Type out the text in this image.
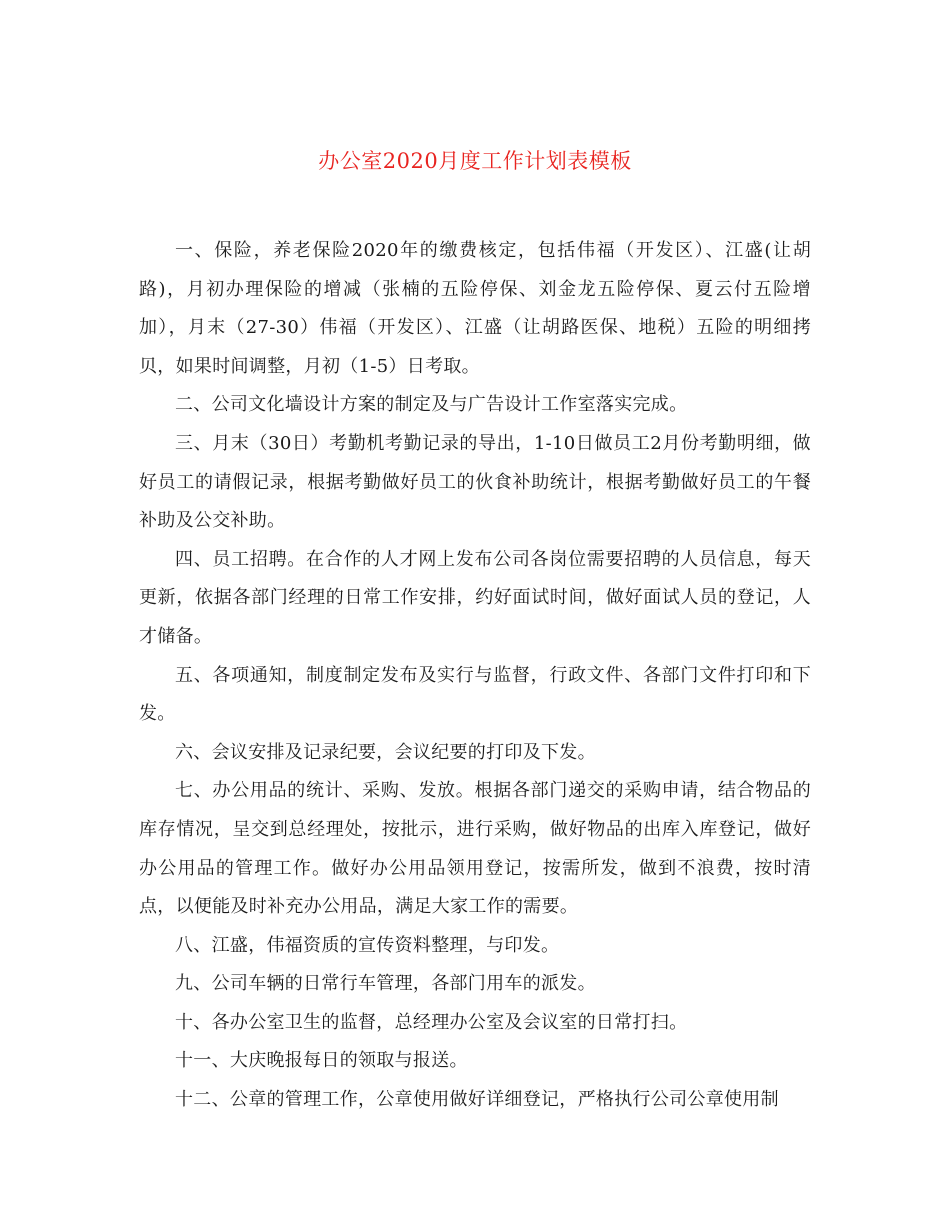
办公室2020月度工作计划表模板

一、保险，养老保险2020年的缴费核定，包括伟福（开发区）、江盛(让胡路)，月初办理保险的增减（张楠的五险停保、刘金龙五险停保、夏云付五险增加），月末（27-30）伟福（开发区）、江盛（让胡路医保、地税）五险的明细拷贝，如果时间调整，月初（1-5）日考取。

二、公司文化墙设计方案的制定及与广告设计工作室落实完成。

三、月末（30日）考勤机考勤记录的导出，1-10日做员工2月份考勤明细，做好员工的请假记录，根据考勤做好员工的伙食补助统计，根据考勤做好员工的午餐补助及公交补助。

四、员工招聘。在合作的人才网上发布公司各岗位需要招聘的人员信息，每天更新，依据各部门经理的日常工作安排，约好面试时间，做好面试人员的登记，人才储备。

五、各项通知，制度制定发布及实行与监督，行政文件、各部门文件打印和下发。

六、会议安排及记录纪要，会议纪要的打印及下发。

七、办公用品的统计、采购、发放。根据各部门递交的采购申请，结合物品的库存情况，呈交到总经理处，按批示，进行采购，做好物品的出库入库登记，做好办公用品的管理工作。做好办公用品领用登记，按需所发，做到不浪费，按时清点，以便能及时补充办公用品，满足大家工作的需要。

八、江盛，伟福资质的宣传资料整理，与印发。

九、公司车辆的日常行车管理，各部门用车的派发。

十、各办公室卫生的监督，总经理办公室及会议室的日常打扫。

十一、大庆晚报每日的领取与报送。

十二、公章的管理工作，公章使用做好详细登记，严格执行公司公章使用制
